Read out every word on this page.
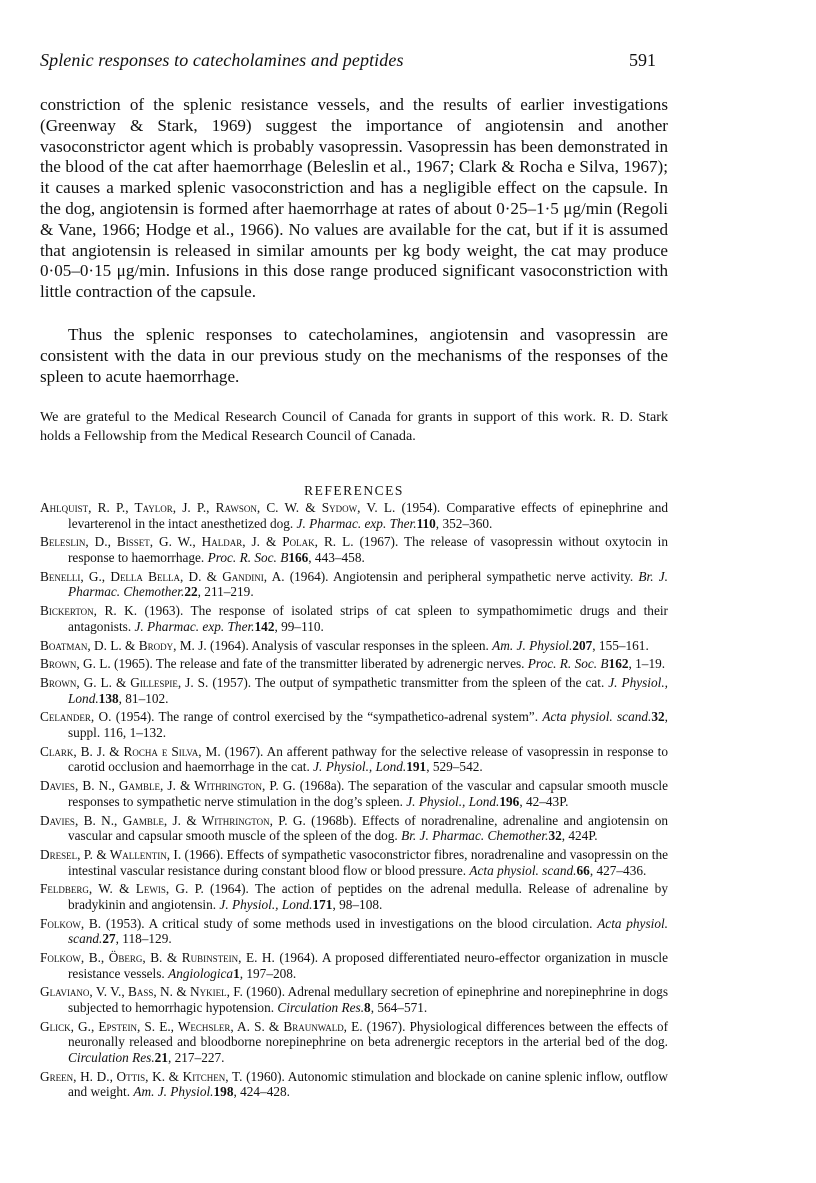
Splenic responses to catecholamines and peptides	591

constriction of the splenic resistance vessels, and the results of earlier investigations (Greenway & Stark, 1969) suggest the importance of angiotensin and another vasoconstrictor agent which is probably vasopressin. Vasopressin has been demonstrated in the blood of the cat after haemorrhage (Beleslin et al., 1967; Clark & Rocha e Silva, 1967); it causes a marked splenic vasoconstriction and has a negligible effect on the capsule. In the dog, angiotensin is formed after haemorrhage at rates of about 0·25–1·5 μg/min (Regoli & Vane, 1966; Hodge et al., 1966). No values are available for the cat, but if it is assumed that angiotensin is released in similar amounts per kg body weight, the cat may produce 0·05–0·15 μg/min. Infusions in this dose range produced significant vasoconstriction with little contraction of the capsule.

Thus the splenic responses to catecholamines, angiotensin and vasopressin are consistent with the data in our previous study on the mechanisms of the responses of the spleen to acute haemorrhage.

We are grateful to the Medical Research Council of Canada for grants in support of this work. R. D. Stark holds a Fellowship from the Medical Research Council of Canada.
REFERENCES

Ahlquist, R. P., Taylor, J. P., Rawson, C. W. & Sydow, V. L. (1954). Comparative effects of epinephrine and levarterenol in the intact anesthetized dog. J. Pharmac. exp. Ther.110, 352–360.

Beleslin, D., Bisset, G. W., Haldar, J. & Polak, R. L. (1967). The release of vasopressin without oxytocin in response to haemorrhage. Proc. R. Soc. B166, 443–458.

Benelli, G., Della Bella, D. & Gandini, A. (1964). Angiotensin and peripheral sympathetic nerve activity. Br. J. Pharmac. Chemother.22, 211–219.

Bickerton, R. K. (1963). The response of isolated strips of cat spleen to sympathomimetic drugs and their antagonists. J. Pharmac. exp. Ther.142, 99–110.

Boatman, D. L. & Brody, M. J. (1964). Analysis of vascular responses in the spleen. Am. J. Physiol.207, 155–161.

Brown, G. L. (1965). The release and fate of the transmitter liberated by adrenergic nerves. Proc. R. Soc. B162, 1–19.

Brown, G. L. & Gillespie, J. S. (1957). The output of sympathetic transmitter from the spleen of the cat. J. Physiol., Lond.138, 81–102.

Celander, O. (1954). The range of control exercised by the “sympathetico-adrenal system”. Acta physiol. scand.32, suppl. 116, 1–132.

Clark, B. J. & Rocha e Silva, M. (1967). An afferent pathway for the selective release of vasopressin in response to carotid occlusion and haemorrhage in the cat. J. Physiol., Lond.191, 529–542.

Davies, B. N., Gamble, J. & Withrington, P. G. (1968a). The separation of the vascular and capsular smooth muscle responses to sympathetic nerve stimulation in the dog’s spleen. J. Physiol., Lond.196, 42–43P.

Davies, B. N., Gamble, J. & Withrington, P. G. (1968b). Effects of noradrenaline, adrenaline and angiotensin on vascular and capsular smooth muscle of the spleen of the dog. Br. J. Pharmac. Chemother.32, 424P.

Dresel, P. & Wallentin, I. (1966). Effects of sympathetic vasoconstrictor fibres, noradrenaline and vasopressin on the intestinal vascular resistance during constant blood flow or blood pressure. Acta physiol. scand.66, 427–436.

Feldberg, W. & Lewis, G. P. (1964). The action of peptides on the adrenal medulla. Release of adrenaline by bradykinin and angiotensin. J. Physiol., Lond.171, 98–108.

Folkow, B. (1953). A critical study of some methods used in investigations on the blood circulation. Acta physiol. scand.27, 118–129.

Folkow, B., Öberg, B. & Rubinstein, E. H. (1964). A proposed differentiated neuro-effector organization in muscle resistance vessels. Angiologica1, 197–208.

Glaviano, V. V., Bass, N. & Nykiel, F. (1960). Adrenal medullary secretion of epinephrine and norepinephrine in dogs subjected to hemorrhagic hypotension. Circulation Res.8, 564–571.

Glick, G., Epstein, S. E., Wechsler, A. S. & Braunwald, E. (1967). Physiological differences between the effects of neuronally released and bloodborne norepinephrine on beta adrenergic receptors in the arterial bed of the dog. Circulation Res.21, 217–227.

Green, H. D., Ottis, K. & Kitchen, T. (1960). Autonomic stimulation and blockade on canine splenic inflow, outflow and weight. Am. J. Physiol.198, 424–428.
